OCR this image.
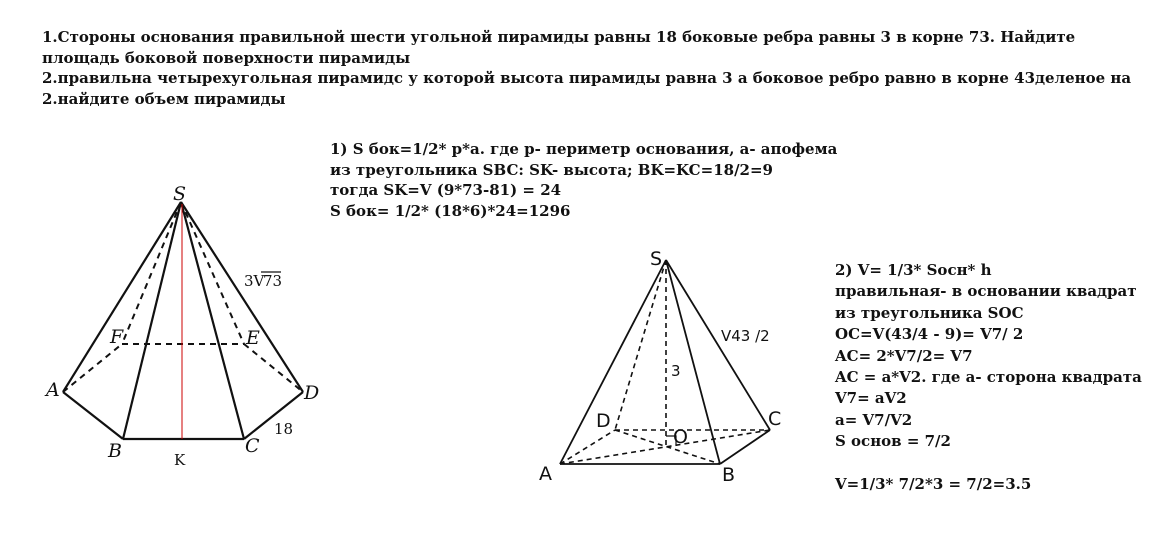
1.Стороны основания правильной шести угольной пирамиды равны 18 боковые ребра равны 3 в корне 73. Найдите площадь боковой поверхности пирамиды

2.правильна четырехугольная пирамидс у которой высота пирамиды равна 3 а боковое ребро равно в корне 43деленое на 2.найдите объем пирамиды

1) S бок=1/2* р*а. где р- периметр основания, а- апофема

из треугольника SBC: SK- высота; BK=KC=18/2=9

тогда SK=V (9*73-81) = 24

S бок= 1/2* (18*6)*24=1296

2) V= 1/3* Sосн* h

правильная- в основании квадрат

из треугольника SOC

OC=V(43/4 - 9)= V7/ 2

AC= 2*V7/2= V7

AC = a*V2. где а- сторона квадрата

V7= aV2

a= V7/V2

S основ = 7/2

V=1/3* 7/2*3 = 7/2=3.5

S
A
B	C
D
E
F
K
3V
73
18
S
A	B
C
D
O
V43 /2
3
